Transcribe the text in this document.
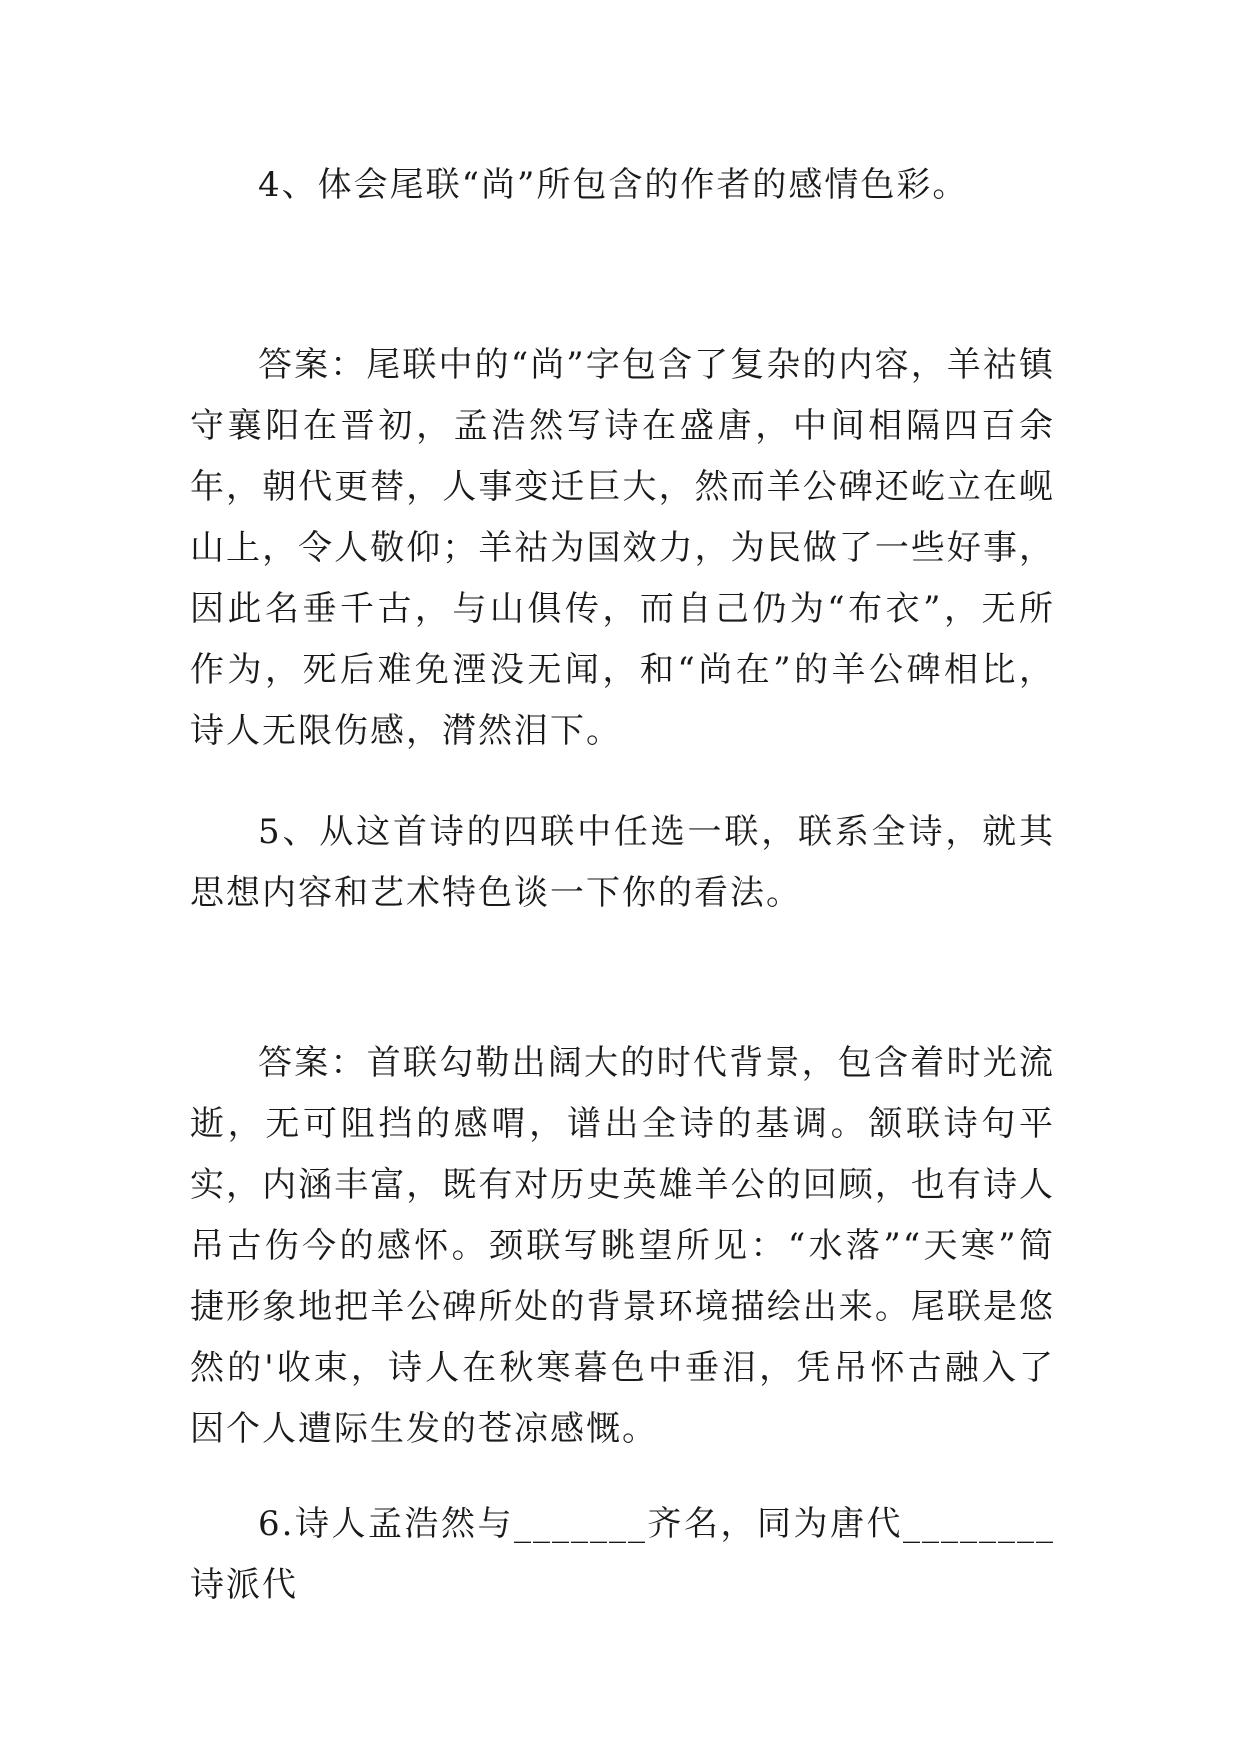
4、体会尾联“尚”所包含的作者的感情色彩。

答案：尾联中的“尚”字包含了复杂的内容，羊祜镇守襄阳在晋初，孟浩然写诗在盛唐，中间相隔四百余年，朝代更替，人事变迁巨大，然而羊公碑还屹立在岘山上，令人敬仰；羊祜为国效力，为民做了一些好事，因此名垂千古，与山俱传，而自己仍为“布衣”，无所作为，死后难免湮没无闻，和“尚在”的羊公碑相比，诗人无限伤感，潸然泪下。

5、从这首诗的四联中任选一联，联系全诗，就其思想内容和艺术特色谈一下你的看法。

答案：首联勾勒出阔大的时代背景，包含着时光流逝，无可阻挡的感喟，谱出全诗的基调。颔联诗句平实，内涵丰富，既有对历史英雄羊公的回顾，也有诗人吊古伤今的感怀。颈联写眺望所见：“水落”“天寒”简捷形象地把羊公碑所处的背景环境描绘出来。尾联是悠然的'收束，诗人在秋寒暮色中垂泪，凭吊怀古融入了因个人遭际生发的苍凉感慨。

6.诗人孟浩然与_______齐名，同为唐代________诗派代
